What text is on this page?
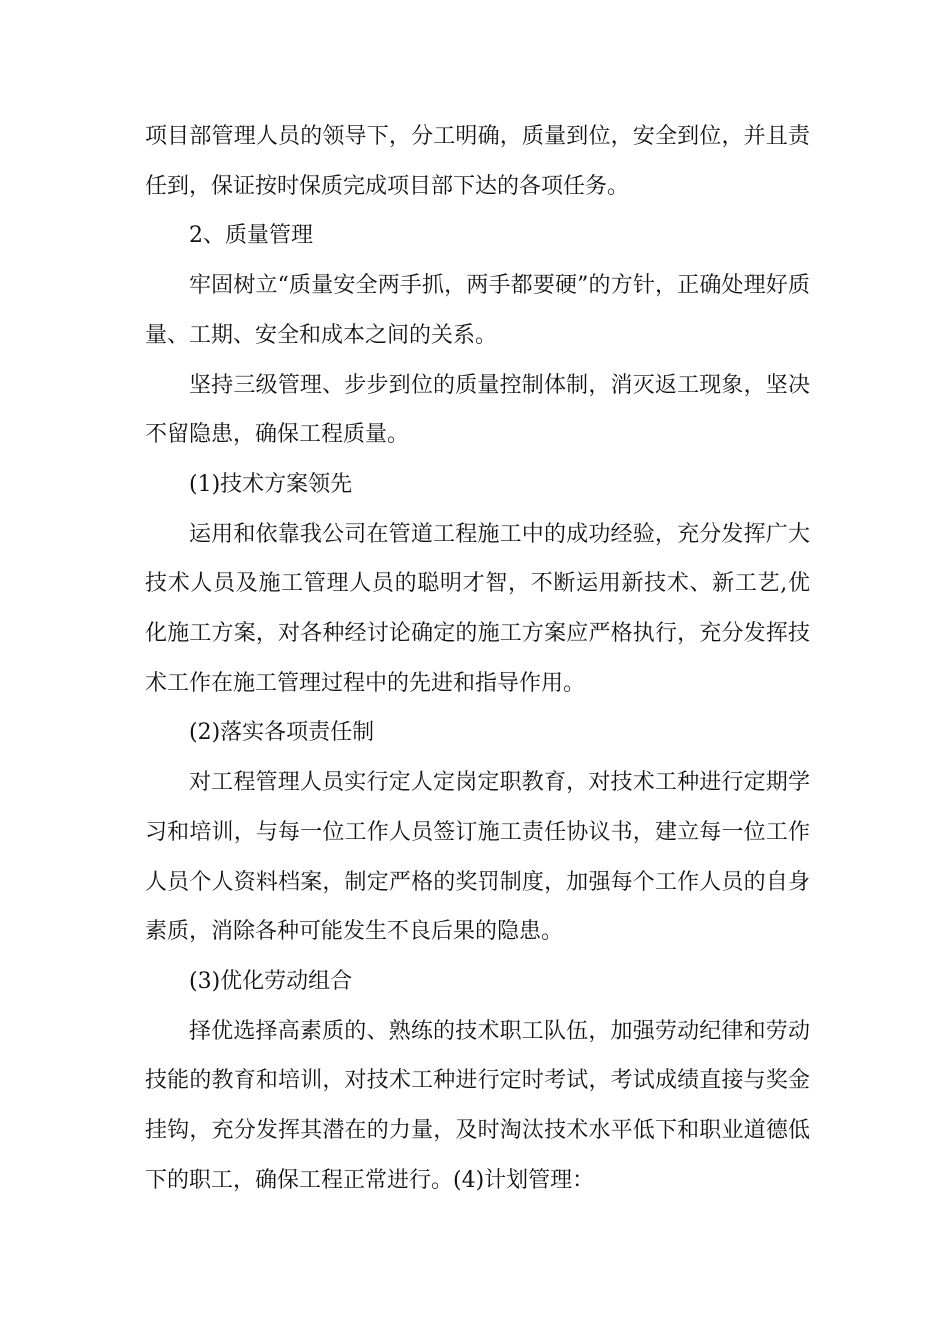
项目部管理人员的领导下，分工明确，质量到位，安全到位，并且责任到，保证按时保质完成项目部下达的各项任务。

2、质量管理

牢固树立“质量安全两手抓，两手都要硬”的方针，正确处理好质量、工期、安全和成本之间的关系。

坚持三级管理、步步到位的质量控制体制，消灭返工现象，坚决不留隐患，确保工程质量。

(1)技术方案领先

运用和依靠我公司在管道工程施工中的成功经验，充分发挥广大技术人员及施工管理人员的聪明才智，不断运用新技术、新工艺,优化施工方案，对各种经讨论确定的施工方案应严格执行，充分发挥技术工作在施工管理过程中的先进和指导作用。

(2)落实各项责任制

对工程管理人员实行定人定岗定职教育，对技术工种进行定期学习和培训，与每一位工作人员签订施工责任协议书，建立每一位工作人员个人资料档案，制定严格的奖罚制度，加强每个工作人员的自身素质，消除各种可能发生不良后果的隐患。

(3)优化劳动组合

择优选择高素质的、熟练的技术职工队伍，加强劳动纪律和劳动技能的教育和培训，对技术工种进行定时考试，考试成绩直接与奖金挂钩，充分发挥其潜在的力量，及时淘汰技术水平低下和职业道德低下的职工，确保工程正常进行。(4)计划管理：
